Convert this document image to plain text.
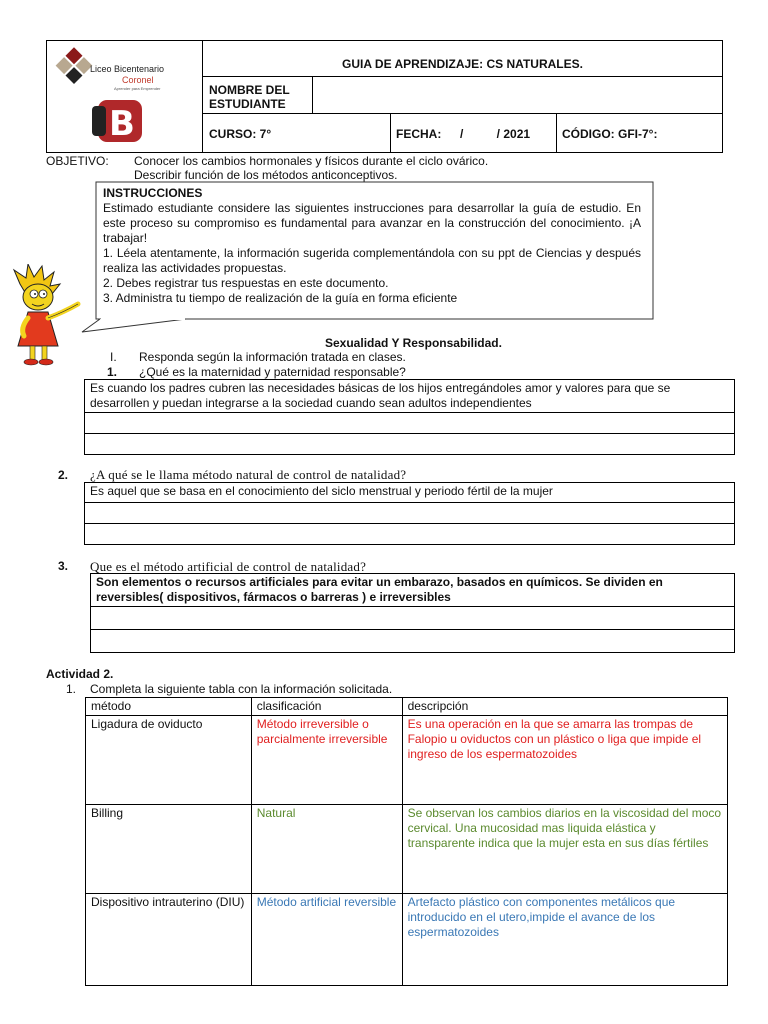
Liceo Bicentenario
Coronel
Aprender para Emprender
B
GUIA DE APRENDIZAJE: CS NATURALES.
NOMBRE DEL ESTUDIANTE
CURSO: 7°	FECHA: /          / 2021	CÓDIGO: GFI-7°:
OBJETIVO: Conocer los cambios hormonales y físicos durante el ciclo ovárico.
Describir función de los métodos anticonceptivos.
INSTRUCCIONES
Estimado estudiante considere las siguientes instrucciones para desarrollar la guía de estudio. En este proceso su compromiso es fundamental para avanzar en la construcción del conocimiento. ¡A trabajar!
1. Léela atentamente, la información sugerida complementándola con su ppt de Ciencias y después realiza las actividades propuestas.
2. Debes registrar tus respuestas en este documento.
3. Administra tu tiempo de realización de la guía en forma eficiente
Sexualidad Y Responsabilidad.
I. Responda según la información tratada en clases.
1. ¿Qué es la maternidad y paternidad responsable?
Es cuando los padres cubren las necesidades básicas de los hijos entregándoles amor y valores para que se desarrollen y puedan integrarse a la sociedad cuando sean adultos independientes

2. ¿A qué se le llama método natural de control de natalidad?
Es aquel que se basa en el conocimiento del siclo menstrual y periodo fértil de la mujer

3. Que es el método artificial de control de natalidad?
Son elementos o recursos artificiales para evitar un embarazo, basados en químicos. Se dividen en reversibles( dispositivos, fármacos o barreras ) e irreversibles

Actividad 2.
1. Completa la siguiente tabla con la información solicitada.
método	clasificación	descripción
Ligadura de oviducto	Método irreversible o parcialmente irreversible	Es una operación en la que se amarra las trompas de Falopio u oviductos con un plástico o liga que impide el ingreso de los espermatozoides
Billing	Natural	Se observan los cambios diarios en la viscosidad del moco cervical. Una mucosidad mas liquida elástica y transparente indica que la mujer esta en sus días fértiles
Dispositivo intrauterino (DIU)	Método artificial reversible	Artefacto plástico con componentes metálicos que introducido en el utero,impide el avance de los espermatozoides
